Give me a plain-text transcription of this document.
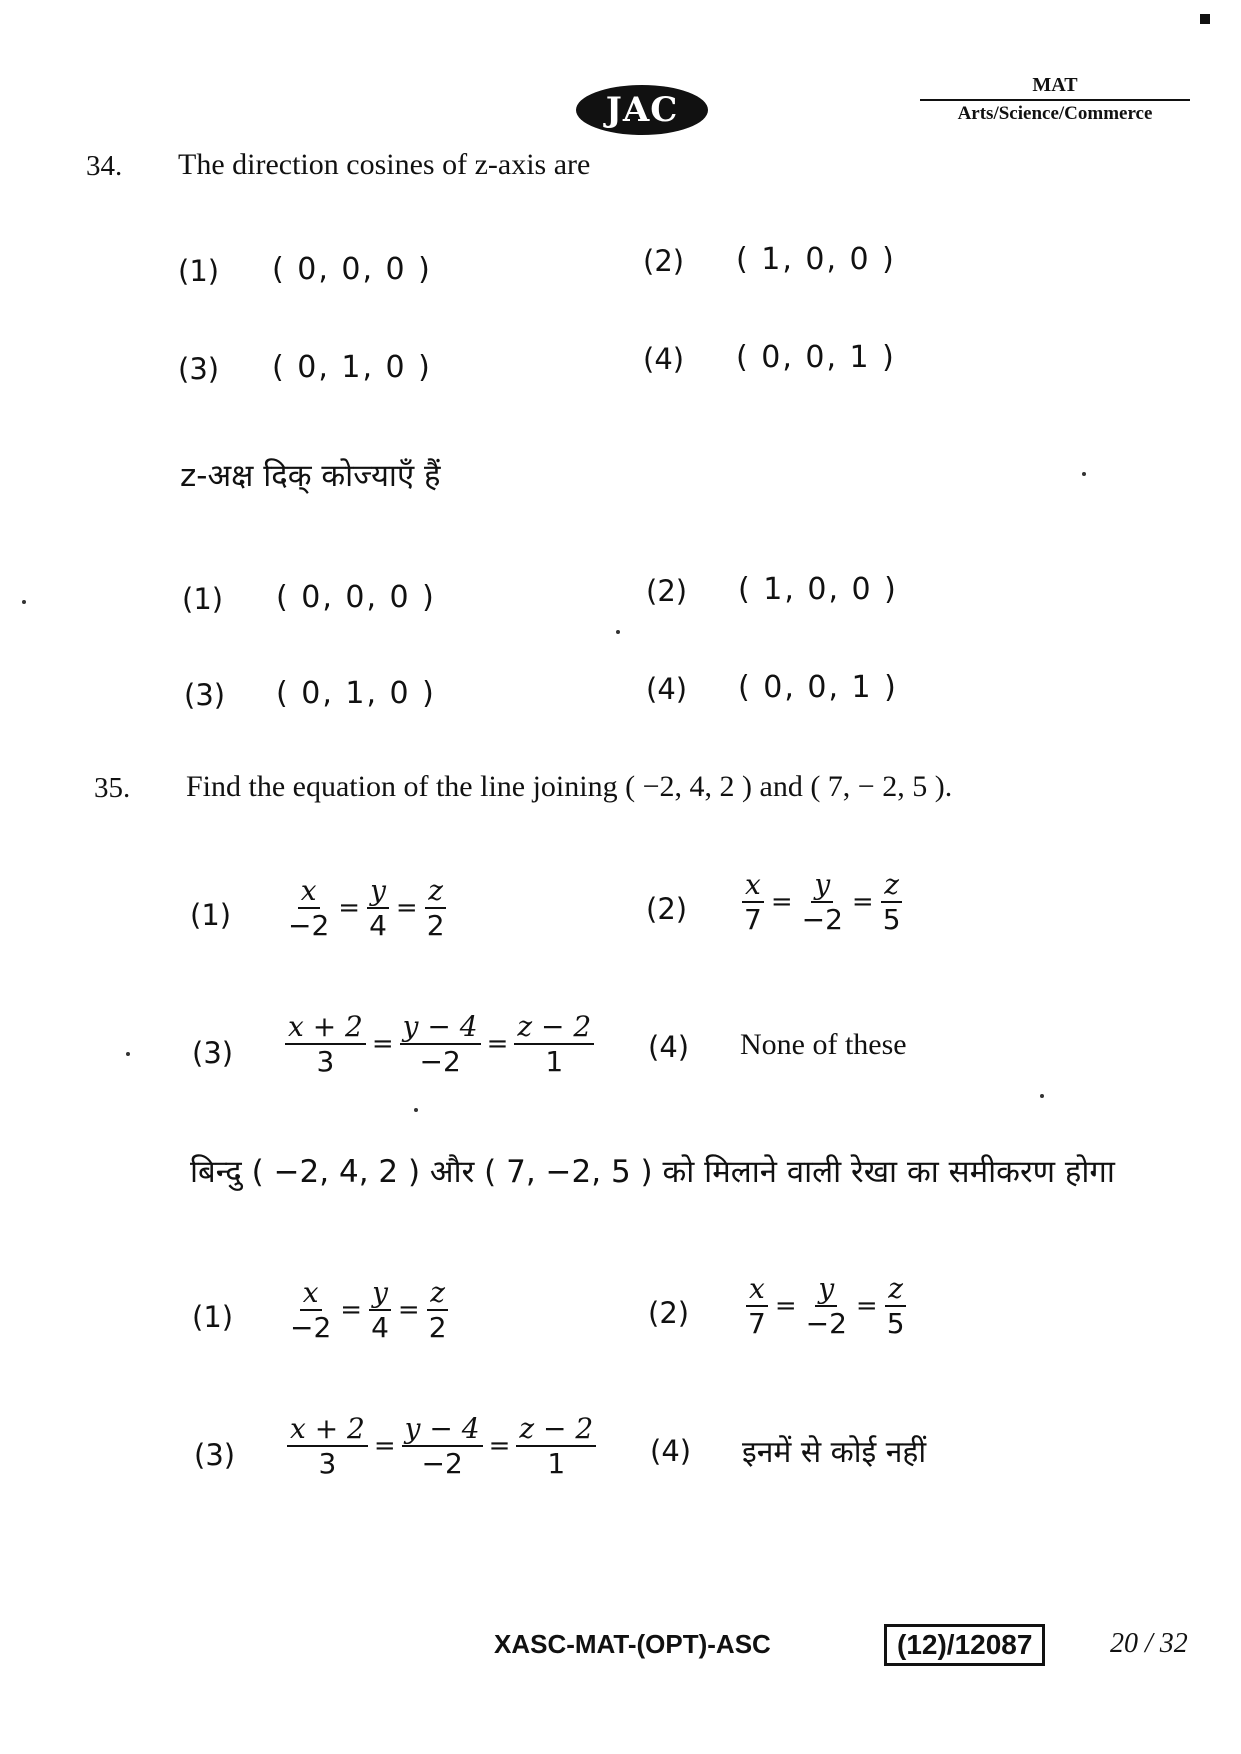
JAC
MAT
Arts/Science/Commerce
34. The direction cosines of z-axis are
(1) ( 0, 0, 0 )	(2) ( 1, 0, 0 )
(3) ( 0, 1, 0 )	(4) ( 0, 0, 1 )
z-अक्ष दिक् कोज्याएँ हैं
(1) ( 0, 0, 0 )	(2) ( 1, 0, 0 )
(3) ( 0, 1, 0 )	(4) ( 0, 0, 1 )
35. Find the equation of the line joining ( −2, 4, 2 ) and ( 7, − 2, 5 ).
$(1) \frac{x}{-2} = \frac{y}{4} = \frac{z}{2}$	$(2) \frac{x}{7} = \frac{y}{-2} = \frac{z}{5}$
$(3) \frac{x + 2}{3} = \frac{y - 4}{-2} = \frac{z - 2}{1} (4)$ None of these
बिन्दु ( −2, 4, 2 ) और ( 7, −2, 5 ) को मिलाने वाली रेखा का समीकरण होगा
$(1) \frac{x}{-2} = \frac{y}{4} = \frac{z}{2}$	$(2) \frac{x}{7} = \frac{y}{-2} = \frac{z}{5}$
$(3) \frac{x + 2}{3} = \frac{y - 4}{-2} = \frac{z - 2}{1} (4)$ इनमें से कोई नहीं
XASC-MAT-(OPT)-ASC	(12)/12087	20 / 32
